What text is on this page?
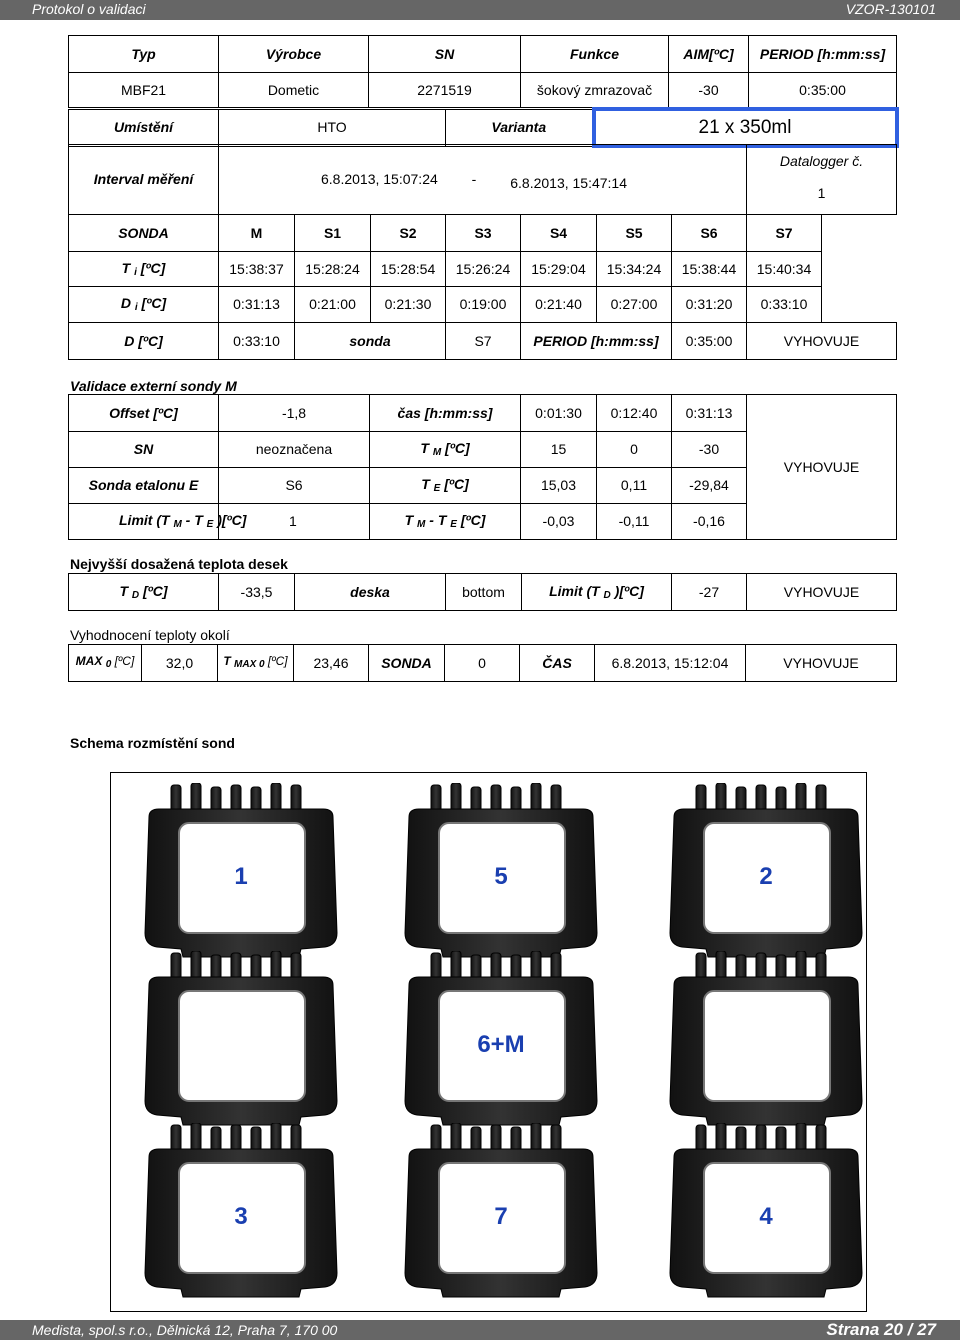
Protokol o validaci	VZOR-130101
Typ	Výrobce	SN	Funkce	AIM[ºC]	PERIOD [h:mm:ss]
MBF21	Dometic	2271519	šokový zmrazovač	-30	0:35:00
Umístění	HTO	Varianta	21 x 350ml
Interval měření	6.8.2013, 15:07:24 - 6.8.2013, 15:47:14	
Datalogger č.
1
SONDA	M	S1	S2	S3	S4	S5	S6	S7	
T $_i$ [ºC]	15:38:37	15:28:24	15:28:54	15:26:24	15:29:04	15:34:24	15:38:44	15:40:34	
D $_i$ [ºC]	0:31:13	0:21:00	0:21:30	0:19:00	0:21:40	0:27:00	0:31:20	0:33:10	
D [ºC]	0:33:10	sonda	S7	PERIOD [h:mm:ss]	0:35:00	VYHOVUJE
Validace externí sondy M
Offset [ºC]	-1,8	čas [h:mm:ss]	0:01:30	0:12:40	0:31:13	VYHOVUJE
SN	neoznačena	T $_M$ [ºC]	15	0	-30	
Sonda etalonu E	S6	T $_E$ [ºC]	15,03	0,11	-29,84	
Limit (T $_M$ - T $_E$ )[ºC]	1	T $_M$ - T $_E$ [ºC]	-0,03	-0,11	-0,16	
Nejvyšší dosažená teplota desek
T $_D$ [ºC]	-33,5	deska	bottom	Limit (T $_D$ )[ºC]	-27	VYHOVUJE
Vyhodnocení teploty okolí
MAX $_0$ [ºC]	32,0	T $_{MAX 0}$ [ºC]	23,46	SONDA	0	ČAS	6.8.2013, 15:12:04	VYHOVUJE
Schema rozmístění sond
1	5	2
6+M
3	7	4
Medista, spol.s r.o., Dělnická 12, Praha 7, 170 00	Strana 20 / 27
